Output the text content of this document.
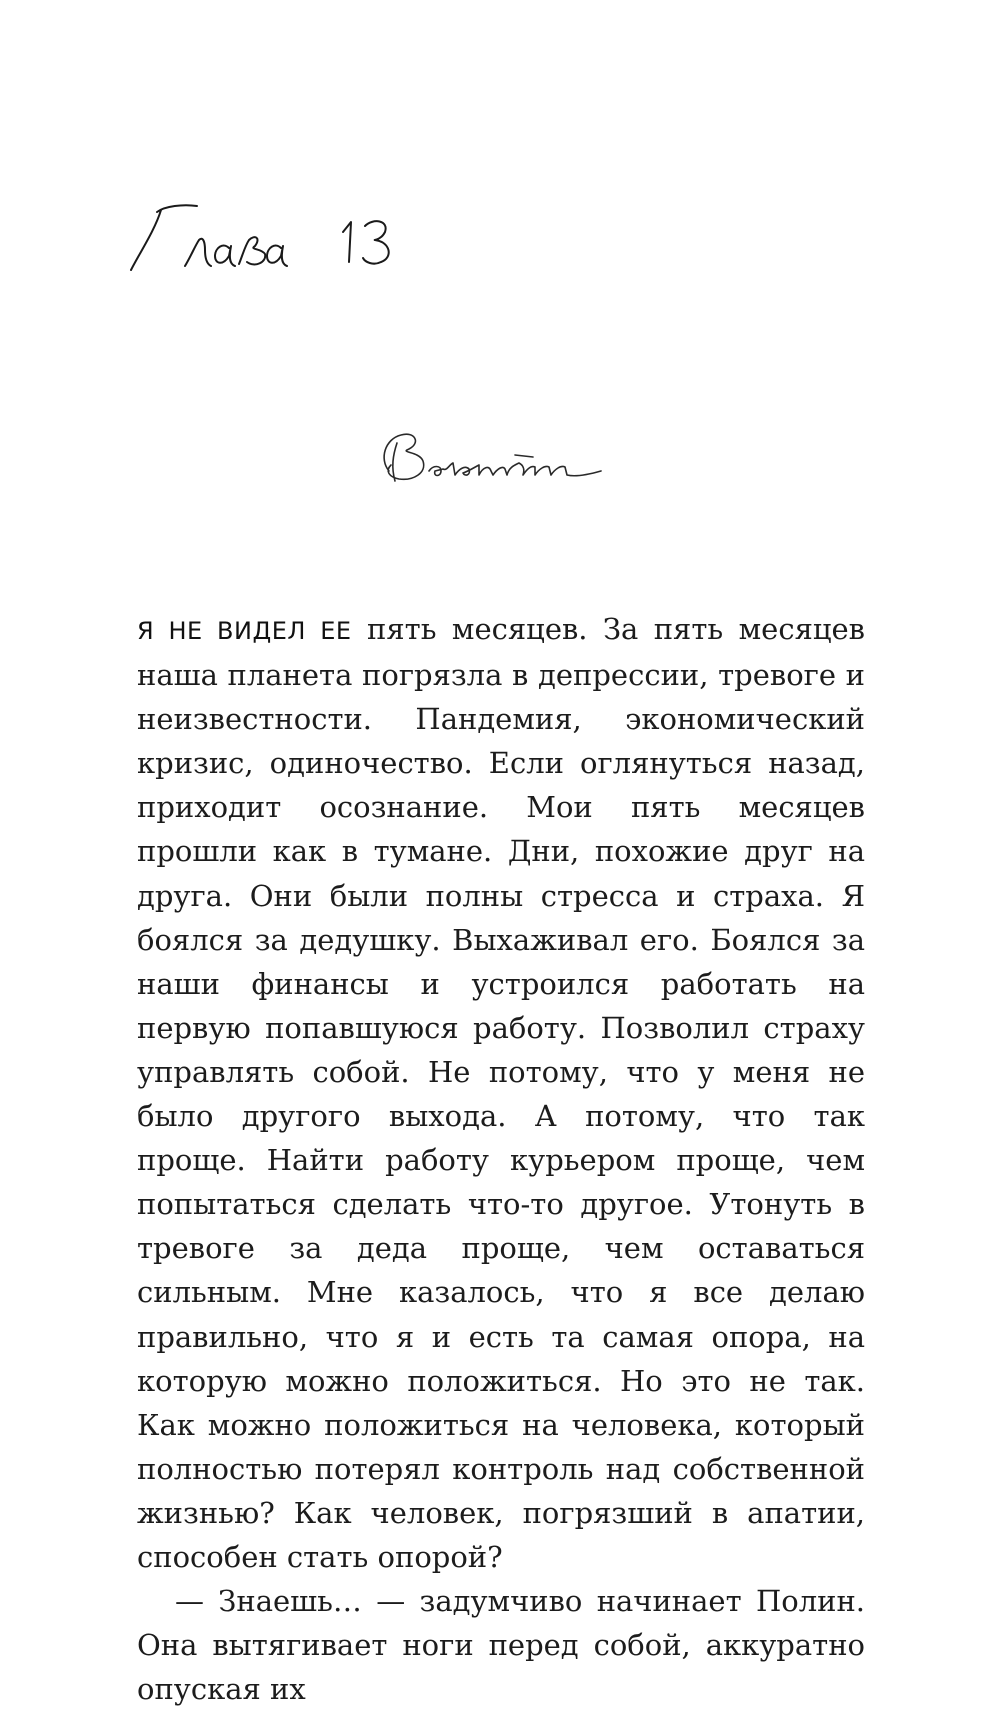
Я НЕ ВИДЕЛ ЕЕ пять месяцев. За пять месяцев наша планета погрязла в депрессии, тревоге и неизвестности. Пандемия, экономический кризис, одиночество. Если оглянуться назад, приходит осознание. Мои пять месяцев прошли как в тумане. Дни, похожие друг на друга. Они были полны стресса и страха. Я боялся за дедушку. Выхаживал его. Боялся за наши финансы и устроился работать на первую попавшуюся работу. Позволил страху управлять собой. Не потому, что у меня не было другого выхода. А потому, что так проще. Найти работу курьером проще, чем попытаться сделать что-то другое. Утонуть в тревоге за деда проще, чем оставаться сильным. Мне казалось, что я все делаю правильно, что я и есть та самая опора, на которую можно положиться. Но это не так. Как можно положиться на человека, который полностью потерял контроль над собственной жизнью? Как человек, погрязший в апатии, способен стать опорой?

— Знаешь… — задумчиво начинает Полин. Она вытягивает ноги перед собой, аккуратно опуская их
